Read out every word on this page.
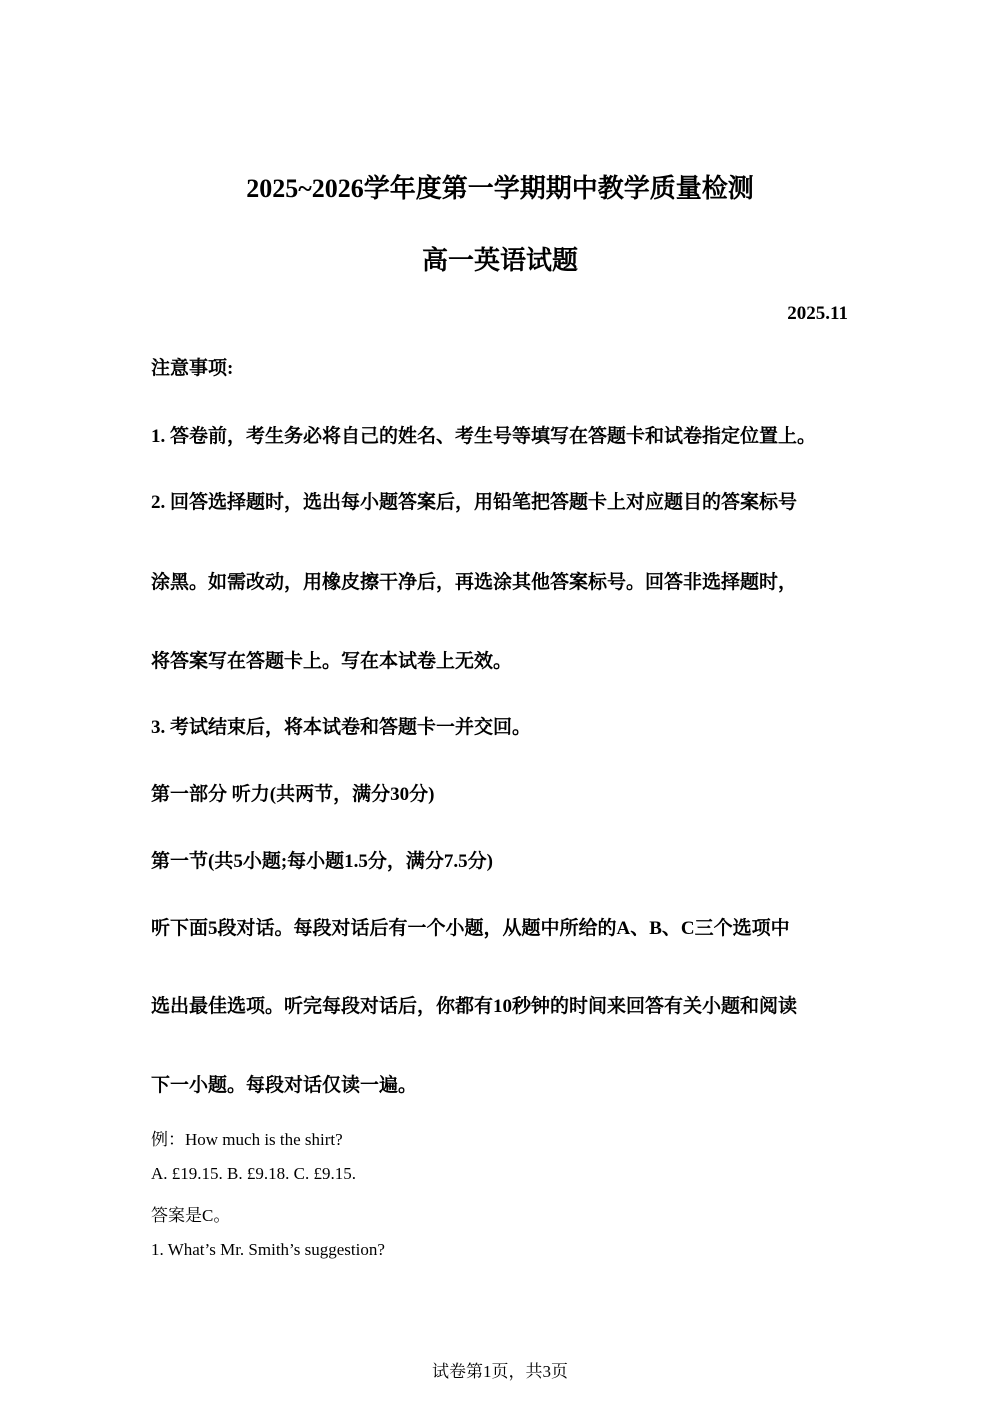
2025~2026学年度第一学期期中教学质量检测
高一英语试题
2025.11
注意事项:
1. 答卷前，考生务必将自己的姓名、考生号等填写在答题卡和试卷指定位置上。
2. 回答选择题时，选出每小题答案后，用铅笔把答题卡上对应题目的答案标号
涂黑。如需改动，用橡皮擦干净后，再选涂其他答案标号。回答非选择题时，
将答案写在答题卡上。写在本试卷上无效。
3. 考试结束后，将本试卷和答题卡一并交回。
第一部分 听力(共两节，满分30分)
第一节(共5小题;每小题1.5分，满分7.5分)
听下面5段对话。每段对话后有一个小题，从题中所给的A、B、C三个选项中
选出最佳选项。听完每段对话后，你都有10秒钟的时间来回答有关小题和阅读
下一小题。每段对话仅读一遍。
例：How much is the shirt?
A. £19.15. B. £9.18. C. £9.15.
答案是C。
1. What’s Mr. Smith’s suggestion?
试卷第1页，共3页
